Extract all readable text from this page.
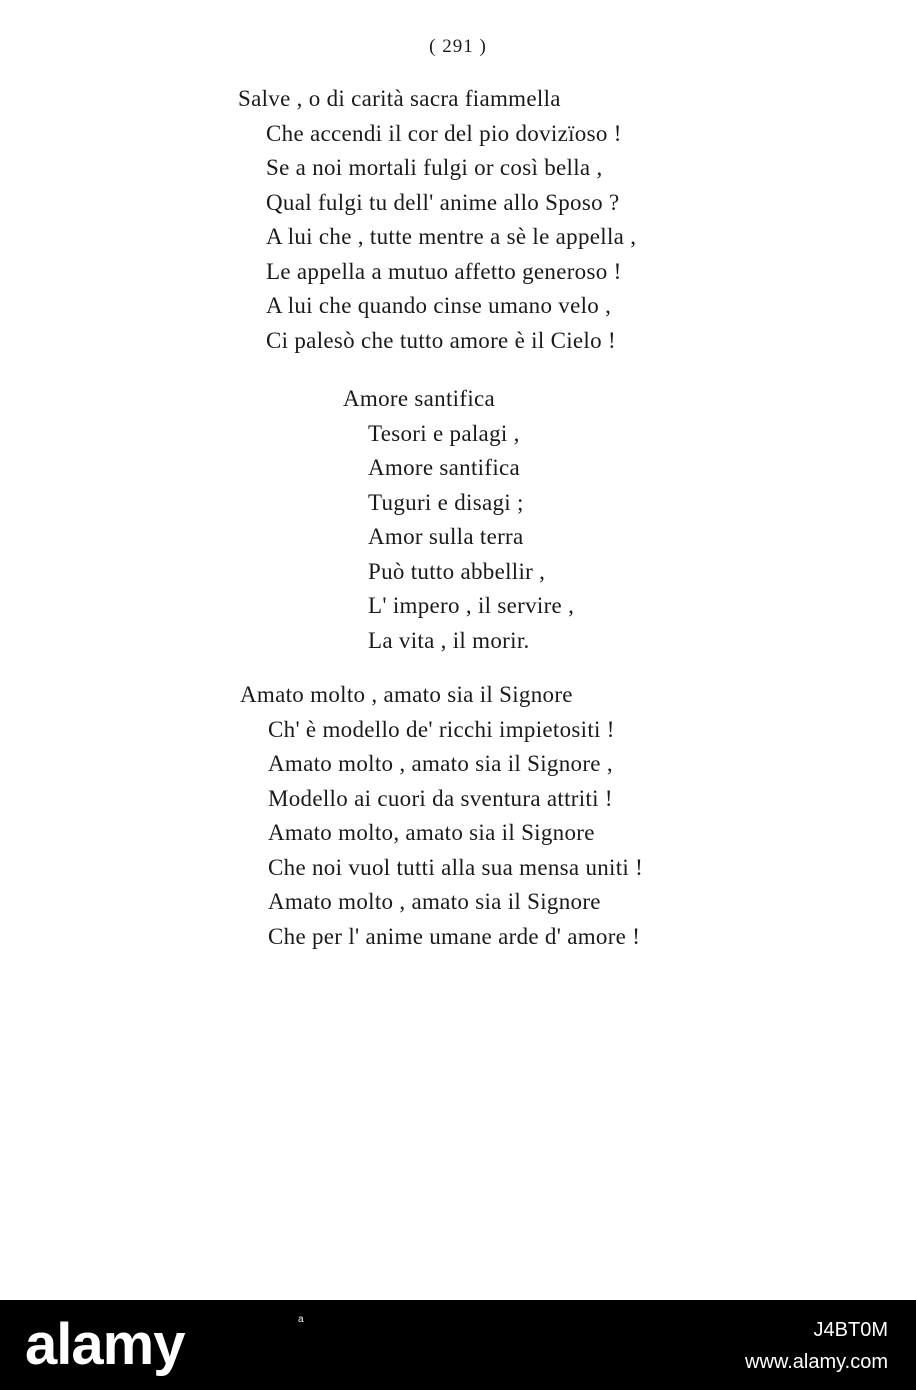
( 291 )
Salve , o di carità sacra fiammella
Che accendi il cor del pio dovizïoso !
Se a noi mortali fulgi or così bella ,
Qual fulgi tu dell' anime allo Sposo ?
A lui che , tutte mentre a sè le appella ,
Le appella a mutuo affetto generoso !
A lui che quando cinse umano velo ,
Ci palesò che tutto amore è il Cielo !
Amore santifica
Tesori e palagi ,
Amore santifica
Tuguri e disagi ;
Amor sulla terra
Può tutto abbellir ,
L' impero , il servire ,
La vita , il morir.
Amato molto , amato sia il Signore
Ch' è modello de' ricchi impietositi !
Amato molto , amato sia il Signore ,
Modello ai cuori da sventura attriti !
Amato molto, amato sia il Signore
Che noi vuol tutti alla sua mensa uniti !
Amato molto , amato sia il Signore
Che per l' anime umane arde d' amore !
alamy	a	J4BT0M
www.alamy.com
